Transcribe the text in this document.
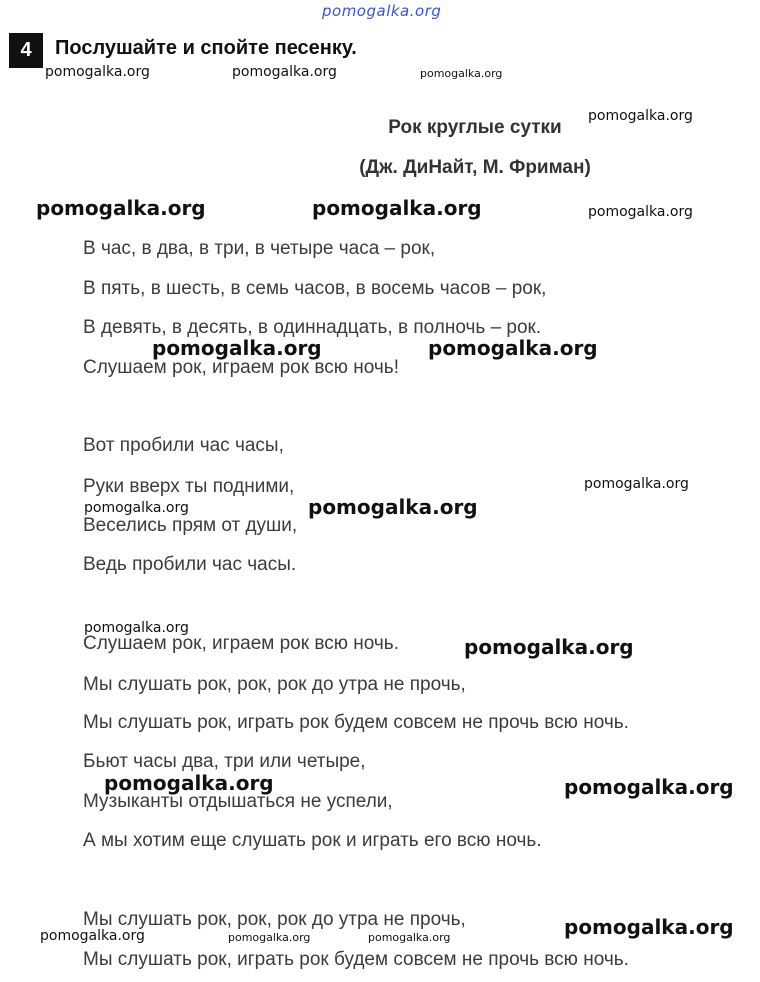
pomogalka.org
4	Послушайте и спойте песенку.
pomogalka.org	pomogalka.org	pomogalka.org
Рок круглые сутки
pomogalka.org
(Дж. ДиНайт, М. Фриман)
pomogalka.org	pomogalka.org	pomogalka.org
В час, в два, в три, в четыре часа – рок,
В пять, в шесть, в семь часов, в восемь часов – рок,
В девять, в десять, в одиннадцать, в полночь – рок.
pomogalka.org	pomogalka.org
Слушаем рок, играем рок всю ночь!
Вот пробили час часы,
Руки вверх ты подними,	pomogalka.org
pomogalka.org	pomogalka.org
Веселись прям от души,
Ведь пробили час часы.
pomogalka.org
Слушаем рок, играем рок всю ночь.	pomogalka.org
Мы слушать рок, рок, рок до утра не прочь,
Мы слушать рок, играть рок будем совсем не прочь всю ночь.
Бьют часы два, три или четыре,
pomogalka.org	pomogalka.org
Музыканты отдышаться не успели,
А мы хотим еще слушать рок и играть его всю ночь.
Мы слушать рок, рок, рок до утра не прочь,	pomogalka.org
pomogalka.org	pomogalka.org	pomogalka.org
Мы слушать рок, играть рок будем совсем не прочь всю ночь.
